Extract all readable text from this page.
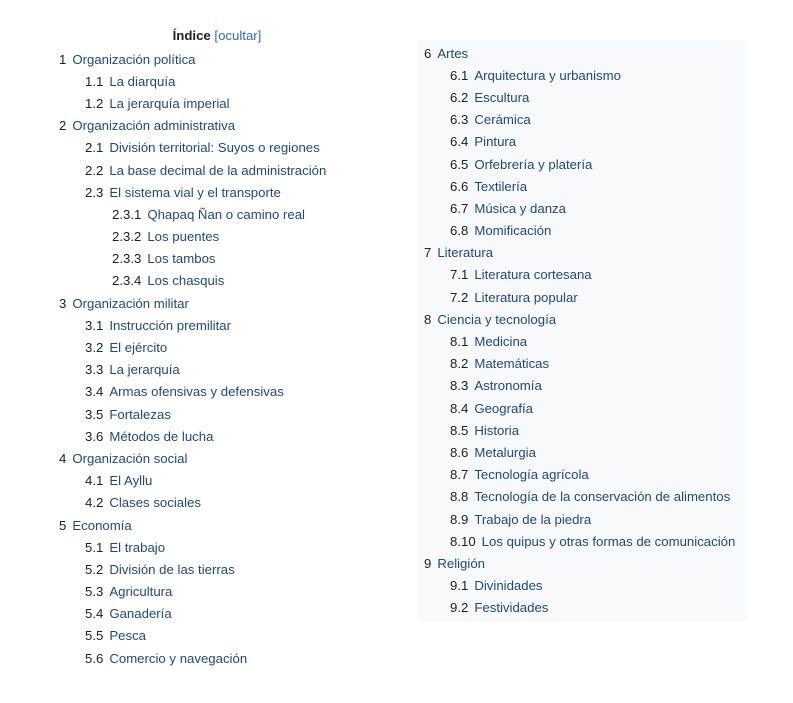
Índice [ocultar]
1 Organización política
1.1 La diarquía
1.2 La jerarquía imperial
2 Organización administrativa
2.1 División territorial: Suyos o regiones
2.2 La base decimal de la administración
2.3 El sistema vial y el transporte
2.3.1 Qhapaq Ñan o camino real
2.3.2 Los puentes
2.3.3 Los tambos
2.3.4 Los chasquis
3 Organización militar
3.1 Instrucción premilitar
3.2 El ejército
3.3 La jerarquía
3.4 Armas ofensivas y defensivas
3.5 Fortalezas
3.6 Métodos de lucha
4 Organización social
4.1 El Ayllu
4.2 Clases sociales
5 Economía
5.1 El trabajo
5.2 División de las tierras
5.3 Agricultura
5.4 Ganadería
5.5 Pesca
5.6 Comercio y navegación
6 Artes
6.1 Arquitectura y urbanismo
6.2 Escultura
6.3 Cerámica
6.4 Pintura
6.5 Orfebrería y platería
6.6 Textilería
6.7 Música y danza
6.8 Momificación
7 Literatura
7.1 Literatura cortesana
7.2 Literatura popular
8 Ciencia y tecnología
8.1 Medicina
8.2 Matemáticas
8.3 Astronomía
8.4 Geografía
8.5 Historia
8.6 Metalurgia
8.7 Tecnología agrícola
8.8 Tecnología de la conservación de alimentos
8.9 Trabajo de la piedra
8.10 Los quipus y otras formas de comunicación
9 Religión
9.1 Divinidades
9.2 Festividades
